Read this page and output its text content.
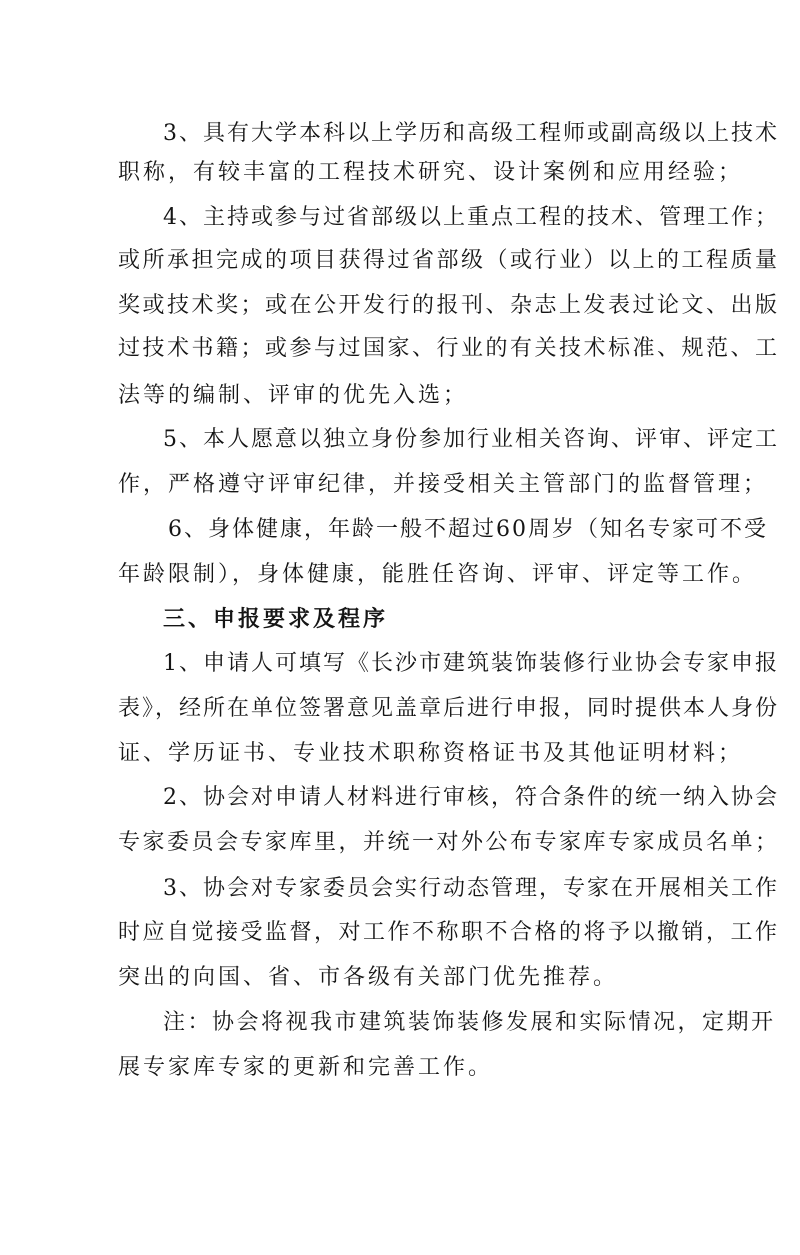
3、具有大学本科以上学历和高级工程师或副高级以上技术
职称，有较丰富的工程技术研究、设计案例和应用经验；
4、主持或参与过省部级以上重点工程的技术、管理工作；
或所承担完成的项目获得过省部级（或行业）以上的工程质量
奖或技术奖；或在公开发行的报刊、杂志上发表过论文、出版
过技术书籍；或参与过国家、行业的有关技术标准、规范、工
法等的编制、评审的优先入选；
5、本人愿意以独立身份参加行业相关咨询、评审、评定工
作，严格遵守评审纪律，并接受相关主管部门的监督管理；
6、身体健康，年龄一般不超过60周岁（知名专家可不受
年龄限制），身体健康，能胜任咨询、评审、评定等工作。
三、申报要求及程序
1、申请人可填写《长沙市建筑装饰装修行业协会专家申报
表》，经所在单位签署意见盖章后进行申报，同时提供本人身份
证、学历证书、专业技术职称资格证书及其他证明材料；
2、协会对申请人材料进行审核，符合条件的统一纳入协会
专家委员会专家库里，并统一对外公布专家库专家成员名单；
3、协会对专家委员会实行动态管理，专家在开展相关工作
时应自觉接受监督，对工作不称职不合格的将予以撤销，工作
突出的向国、省、市各级有关部门优先推荐。
注：协会将视我市建筑装饰装修发展和实际情况，定期开
展专家库专家的更新和完善工作。
